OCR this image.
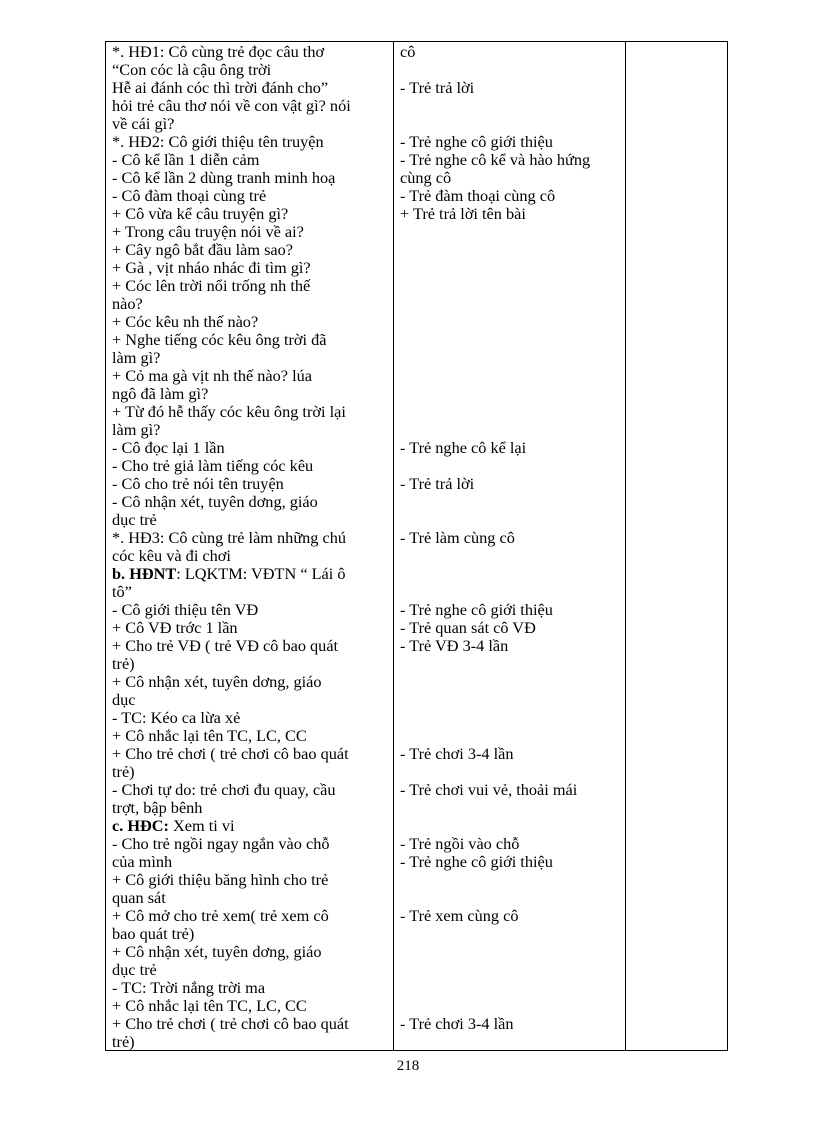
*. HĐ1: Cô cùng trẻ đọc câu thơ
“Con cóc là cậu ông trời
Hễ ai đánh cóc thì trời đánh cho”
hỏi trẻ câu thơ nói về con vật gì? nói
về cái gì?
*. HĐ2: Cô giới thiệu tên truyện
- Cô kể lần 1 diễn cảm
- Cô kể lần 2 dùng tranh minh hoạ
- Cô đàm thoại cùng trẻ
+ Cô vừa kể câu truyện gì?
+ Trong câu truyện nói về ai?
+ Cây ngô bắt đầu làm sao?
+ Gà , vịt nháo nhác đi tìm gì?
+ Cóc lên trời nổi trống nh thế
nào?
+ Cóc kêu nh thế nào?
+ Nghe tiếng cóc kêu ông trời đã
làm gì?
+ Cỏ ma gà vịt nh thế nào? lúa
ngô đã làm gì?
+ Từ đó hễ thấy cóc kêu ông trời lại
làm gì?
- Cô đọc lại 1 lần
- Cho trẻ giả làm tiếng cóc kêu
- Cô cho trẻ nói tên truyện
- Cô nhận xét, tuyên dơng, giáo
dục trẻ
*. HĐ3: Cô cùng trẻ làm những chú
cóc kêu và đi chơi
b. HĐNT: LQKTM: VĐTN “ Lái ô
tô”
- Cô giới thiệu tên VĐ
+ Cô VĐ trớc 1 lần
+ Cho trẻ VĐ ( trẻ VĐ cô bao quát
trẻ)
+ Cô nhận xét, tuyên dơng, giáo
dục
- TC: Kéo ca lừa xẻ
+ Cô nhắc lại tên TC, LC, CC
+ Cho trẻ chơi ( trẻ chơi cô bao quát
trẻ)
- Chơi tự do: trẻ chơi đu quay, cầu
trợt, bập bênh
c. HĐC: Xem ti vi
- Cho trẻ ngồi ngay ngắn vào chỗ
của mình
+ Cô giới thiệu băng hình cho trẻ
quan sát
+ Cô mở cho trẻ xem( trẻ xem cô
bao quát trẻ)
+ Cô nhận xét, tuyên dơng, giáo
dục trẻ
- TC: Trời nắng trời ma
+ Cô nhắc lại tên TC, LC, CC
+ Cho trẻ chơi ( trẻ chơi cô bao quát
trẻ)
cô
- Trẻ trả lời
- Trẻ nghe cô giới thiệu
- Trẻ nghe cô kể và hào hứng
cùng cô
- Trẻ đàm thoại cùng cô
+ Trẻ trả lời tên bài
- Trẻ nghe cô kể lại
- Trẻ trả lời
- Trẻ làm cùng cô
- Trẻ nghe cô giới thiệu
- Trẻ quan sát cô VĐ
- Trẻ VĐ 3-4 lần
- Trẻ chơi 3-4 lần
- Trẻ chơi vui vẻ, thoải mái
- Trẻ ngồi vào chỗ
- Trẻ nghe cô giới thiệu
- Trẻ xem cùng cô
- Trẻ chơi 3-4 lần
218
